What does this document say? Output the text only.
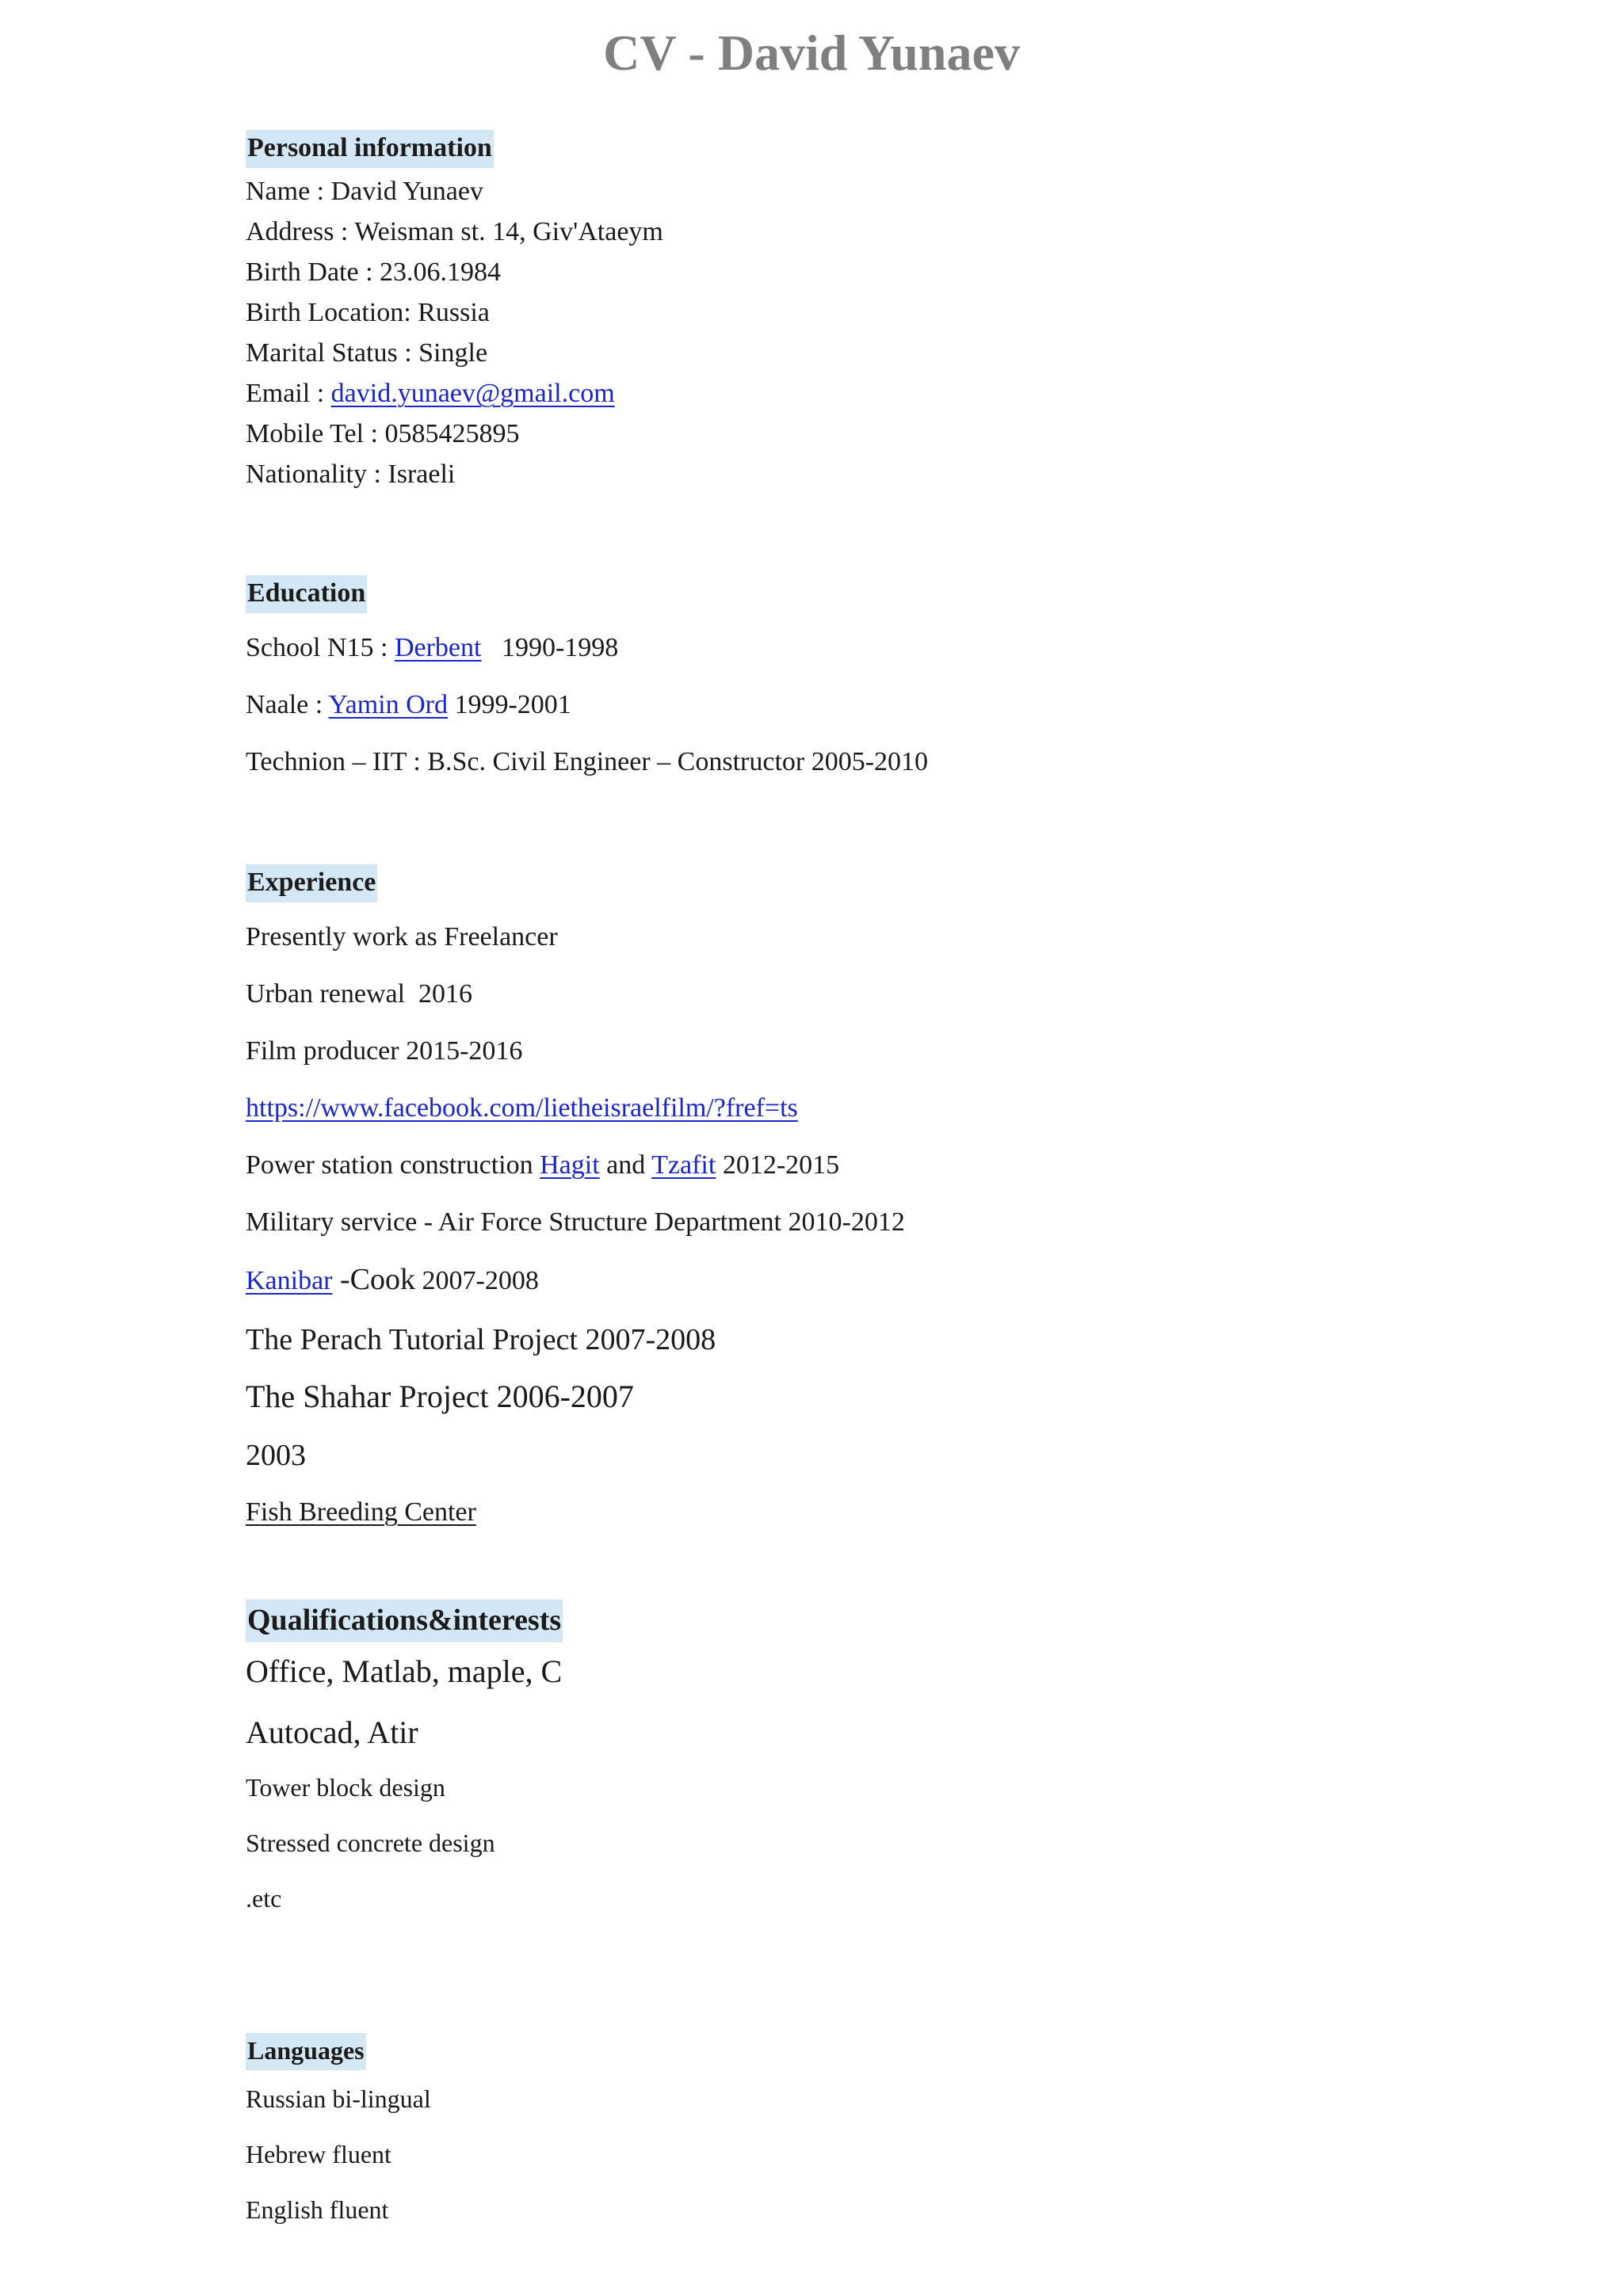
CV - David Yunaev
Personal information

Name : David Yunaev

Address : Weisman st. 14, Giv'Ataeym

Birth Date : 23.06.1984

Birth Location: Russia

Marital Status : Single

Email : david.yunaev@gmail.com

Mobile Tel : 0585425895

Nationality : Israeli

Education

School N15 : Derbent   1990-1998

Naale : Yamin Ord 1999-2001

Technion – IIT : B.Sc. Civil Engineer – Constructor 2005-2010

Experience

Presently work as Freelancer

Urban renewal  2016

Film producer 2015-2016

https://www.facebook.com/lietheisraelfilm/?fref=ts

Power station construction Hagit and Tzafit 2012-2015

Military service - Air Force Structure Department 2010-2012

Kanibar -Cook 2007-2008

The Perach Tutorial Project 2007-2008

The Shahar Project 2006-2007

2003

Fish Breeding Center

Qualifications&interests

Office, Matlab, maple, C

Autocad, Atir

Tower block design

Stressed concrete design

.etc

Languages

Russian bi-lingual

Hebrew fluent

English fluent
